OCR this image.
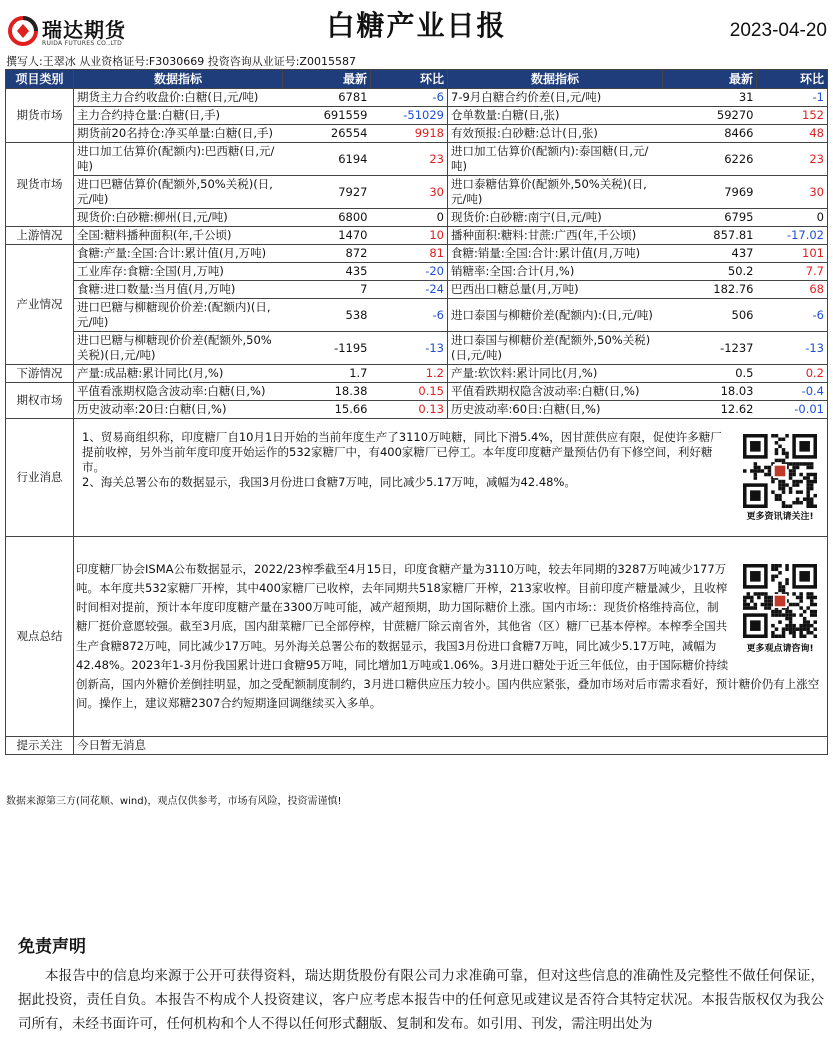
瑞达期货
RUIDA FUTURES CO.,LTD
白糖产业日报	2023-04-20
撰写人:王翠冰 从业资格证号:F3030669 投资咨询从业证号:Z0015587
项目类别	数据指标	最新	环比	数据指标	最新	环比
期货市场	期货主力合约收盘价:白糖(日,元/吨)	6781	-6	7-9月白糖合约价差(日,元/吨)	31	-1
	主力合约持仓量:白糖(日,手)	691559	-51029	仓单数量:白糖(日,张)	59270	152
	期货前20名持仓:净买单量:白糖(日,手)	26554	9918	有效预报:白砂糖:总计(日,张)	8466	48
现货市场	进口加工估算价(配额内):巴西糖(日,元/吨)	6194	23	进口加工估算价(配额内):泰国糖(日,元/吨)	6226	23
	进口巴糖估算价(配额外,50%关税)(日,元/吨)	7927	30	进口泰糖估算价(配额外,50%关税)(日,元/吨)	7969	30
	现货价:白砂糖:柳州(日,元/吨)	6800	0	现货价:白砂糖:南宁(日,元/吨)	6795	0
上游情况	全国:糖料播种面积(年,千公顷)	1470	10	播种面积:糖料:甘蔗:广西(年,千公顷)	857.81	-17.02
产业情况	食糖:产量:全国:合计:累计值(月,万吨)	872	81	食糖:销量:全国:合计:累计值(月,万吨)	437	101
	工业库存:食糖:全国(月,万吨)	435	-20	销糖率:全国:合计(月,%)	50.2	7.7
	食糖:进口数量:当月值(月,万吨)	7	-24	巴西出口糖总量(月,万吨)	182.76	68
	进口巴糖与柳糖现价价差:(配额内)(日,元/吨)	538	-6	进口泰国与柳糖价差(配额内):(日,元/吨)	506	-6
	进口巴糖与柳糖现价价差(配额外,50%关税)(日,元/吨)	-1195	-13	进口泰国与柳糖价差(配额外,50%关税)(日,元/吨)	-1237	-13
下游情况	产量:成品糖:累计同比(月,%)	1.7	1.2	产量:软饮料:累计同比(月,%)	0.5	0.2
期权市场	平值看涨期权隐含波动率:白糖(日,%)	18.38	0.15	平值看跌期权隐含波动率:白糖(日,%)	18.03	-0.4
	历史波动率:20日:白糖(日,%)	15.66	0.13	历史波动率:60日:白糖(日,%)	12.62	-0.01
行业消息	更多资讯请关注!
1、贸易商组织称，印度糖厂自10月1日开始的当前年度生产了3110万吨糖，同比下滑5.4%，因甘蔗供应有限，促使许多糖厂提前收榨，另外当前年度印度开始运作的532家糖厂中，有400家糖厂已停工。本年度印度糖产量预估仍有下修空间，利好糖市。
2、海关总署公布的数据显示，我国3月份进口食糖7万吨，同比减少5.17万吨，减幅为42.48%。					

观点总结	更多观点请咨询!
印度糖厂协会ISMA公布数据显示，2022/23榨季截至4月15日，印度食糖产量为3110万吨，较去年同期的3287万吨减少177万吨。本年度共532家糖厂开榨，其中400家糖厂已收榨，去年同期共518家糖厂开榨，213家收榨。目前印度产糖量减少，且收榨时间相对提前，预计本年度印度糖产量在3300万吨可能，减产超预期，助力国际糖价上涨。国内市场:：现货价格维持高位，制糖厂挺价意愿较强。截至3月底，国内甜菜糖厂已全部停榨，甘蔗糖厂除云南省外，其他省（区）糖厂已基本停榨。本榨季全国共生产食糖872万吨，同比减少17万吨。另外海关总署公布的数据显示，我国3月份进口食糖7万吨，同比减少5.17万吨，减幅为42.48%。2023年1-3月份我国累计进口食糖95万吨，同比增加1万吨或1.06%。3月进口糖处于近三年低位，由于国际糖价持续创新高，国内外糖价差倒挂明显，加之受配额制度制约，3月进口糖供应压力较小。国内供应紧张，叠加市场对后市需求看好，预计糖价仍有上涨空间。操作上，建议郑糖2307合约短期逢回调继续买入多单。					

提示关注	今日暂无消息					
数据来源第三方(同花顺、wind)，观点仅供参考，市场有风险，投资需谨慎!
免责声明
本报告中的信息均来源于公开可获得资料，瑞达期货股份有限公司力求准确可靠，但对这些信息的准确性及完整性不做任何保证，据此投资，责任自负。本报告不构成个人投资建议，客户应考虑本报告中的任何意见或建议是否符合其特定状况。本报告版权仅为我公司所有，未经书面许可，任何机构和个人不得以任何形式翻版、复制和发布。如引用、刊发，需注明出处为
